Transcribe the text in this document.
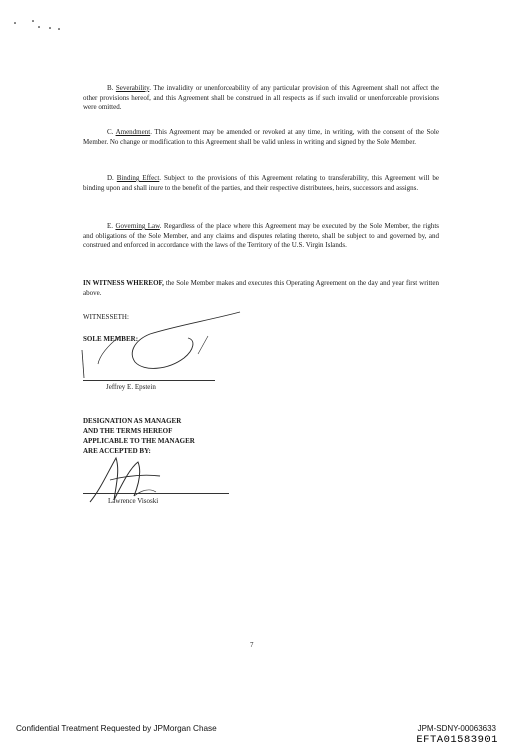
B. Severability. The invalidity or unenforceability of any particular provision of this Agreement shall not affect the other provisions hereof, and this Agreement shall be construed in all respects as if such invalid or unenforceable provisions were omitted.
C. Amendment. This Agreement may be amended or revoked at any time, in writing, with the consent of the Sole Member. No change or modification to this Agreement shall be valid unless in writing and signed by the Sole Member.
D. Binding Effect. Subject to the provisions of this Agreement relating to transferability, this Agreement will be binding upon and shall inure to the benefit of the parties, and their respective distributees, heirs, successors and assigns.
E. Governing Law. Regardless of the place where this Agreement may be executed by the Sole Member, the rights and obligations of the Sole Member, and any claims and disputes relating thereto, shall be subject to and governed by, and construed and enforced in accordance with the laws of the Territory of the U.S. Virgin Islands.
IN WITNESS WHEREOF, the Sole Member makes and executes this Operating Agreement on the day and year first written above.
WITNESSETH:
SOLE MEMBER:
Jeffrey E. Epstein
DESIGNATION AS MANAGER
AND THE TERMS HEREOF
APPLICABLE TO THE MANAGER
ARE ACCEPTED BY:
Lawrence Visoski
7
Confidential Treatment Requested by JPMorgan Chase	JPM-SDNY-00063633
EFTA01583901
